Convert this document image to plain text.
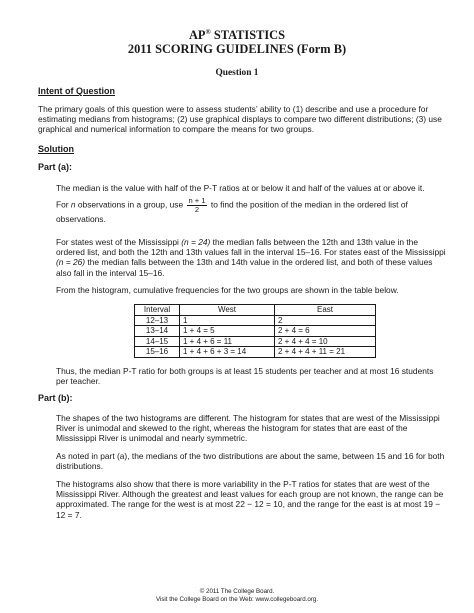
AP® STATISTICS
2011 SCORING GUIDELINES (Form B)
Question 1
Intent of Question
The primary goals of this question were to assess students’ ability to (1) describe and use a procedure for estimating medians from histograms; (2) use graphical displays to compare two different distributions; (3) use graphical and numerical information to compare the means for two groups.
Solution
Part (a):
The median is the value with half of the P-T ratios at or below it and half of the values at or above it.
For n observations in a group, use $\frac{n + 1}{2}$ to find the position of the median in the ordered list of observations.
For states west of the Mississippi (n = 24) the median falls between the 12th and 13th value in the ordered list, and both the 12th and 13th values fall in the interval 15–16. For states east of the Mississippi (n = 26) the median falls between the 13th and 14th value in the ordered list, and both of these values also fall in the interval 15–16.
From the histogram, cumulative frequencies for the two groups are shown in the table below.
Interval	West	East
12–13	1	2
13–14	1 + 4 = 5	2 + 4 = 6
14–15	1 + 4 + 6 = 11	2 + 4 + 4 = 10
15–16	1 + 4 + 6 + 3 = 14	2 + 4 + 4 + 11 = 21
Thus, the median P-T ratio for both groups is at least 15 students per teacher and at most 16 students per teacher.
Part (b):
The shapes of the two histograms are different. The histogram for states that are west of the Mississippi River is unimodal and skewed to the right, whereas the histogram for states that are east of the Mississippi River is unimodal and nearly symmetric.
As noted in part (a), the medians of the two distributions are about the same, between 15 and 16 for both distributions.
The histograms also show that there is more variability in the P-T ratios for states that are west of the Mississippi River. Although the greatest and least values for each group are not known, the range can be approximated. The range for the west is at most 22 − 12 = 10, and the range for the east is at most 19 − 12 = 7.
© 2011 The College Board.
Visit the College Board on the Web: www.collegeboard.org.
